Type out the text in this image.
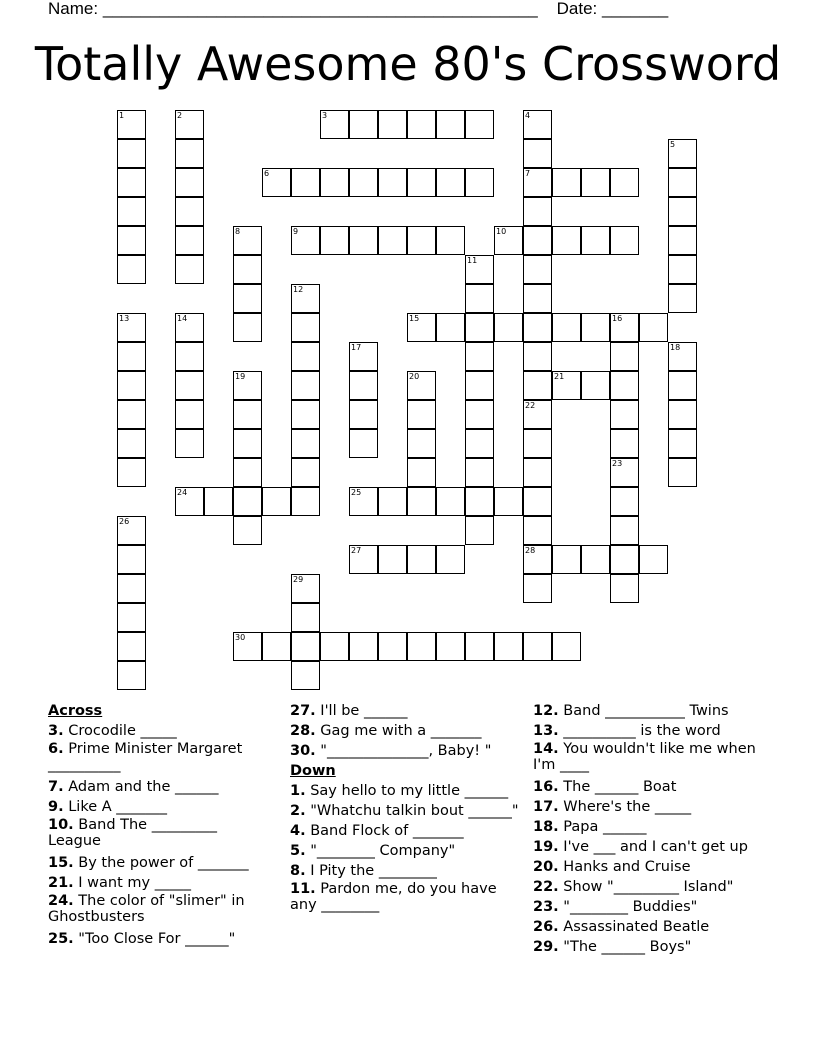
Name: ______________________________________________ Date: _______
Totally Awesome 80's Crossword
1	2	3	4
7
22
28
5
6
8	9	10
11
12
13	14	15	16
17	18
19	20	21
23
24	25
26
27
29
30

Across

3. Crocodile _____

6. Prime Minister Margaret __________

7. Adam and the ______

9. Like A _______

10. Band The _________ League

15. By the power of _______

21. I want my _____

24. The color of "slimer" in Ghostbusters

25. "Too Close For ______"

27. I'll be ______

28. Gag me with a _______

30. "______________, Baby! "

Down

1. Say hello to my little ______

2. "Whatchu talkin bout ______"

4. Band Flock of _______

5. "________ Company"

8. I Pity the ________

11. Pardon me, do you have any ________

12. Band ___________ Twins

13. __________ is the word

14. You wouldn't like me when I'm ____

16. The ______ Boat

17. Where's the _____

18. Papa ______

19. I've ___ and I can't get up

20. Hanks and Cruise

22. Show "_________ Island"

23. "________ Buddies"

26. Assassinated Beatle

29. "The ______ Boys"
